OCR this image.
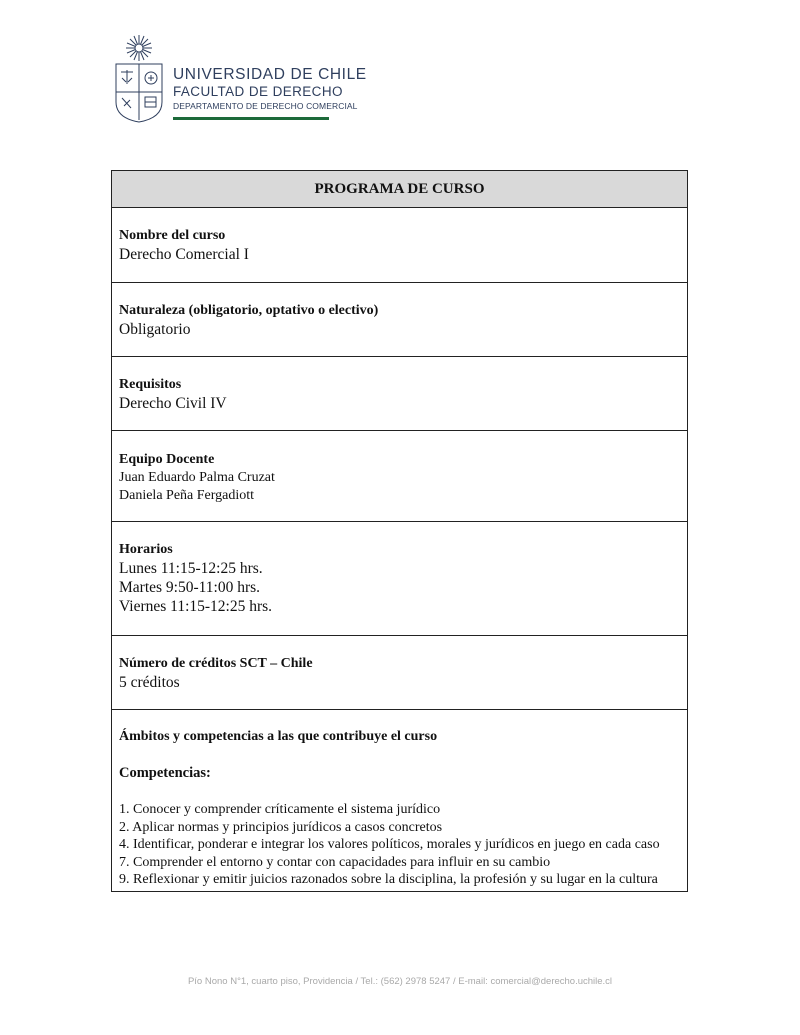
UNIVERSIDAD DE CHILE
FACULTAD DE DERECHO
DEPARTAMENTO DE DERECHO COMERCIAL
PROGRAMA DE CURSO
Nombre del curso
Derecho Comercial I
Naturaleza (obligatorio, optativo o electivo)
Obligatorio
Requisitos
Derecho Civil IV
Equipo Docente
Juan Eduardo Palma Cruzat
Daniela Peña Fergadiott
Horarios
Lunes 11:15-12:25 hrs.
Martes 9:50-11:00 hrs.
Viernes 11:15-12:25 hrs.
Número de créditos SCT – Chile
5 créditos
Ámbitos y competencias a las que contribuye el curso
Competencias:
1. Conocer y comprender críticamente el sistema jurídico
2. Aplicar normas y principios jurídicos a casos concretos
4. Identificar, ponderar e integrar los valores políticos, morales y jurídicos en juego en cada caso
7. Comprender el entorno y contar con capacidades para influir en su cambio
9. Reflexionar y emitir juicios razonados sobre la disciplina, la profesión y su lugar en la cultura
Pío Nono N°1, cuarto piso, Providencia / Tel.: (562) 2978 5247 / E-mail: comercial@derecho.uchile.cl
